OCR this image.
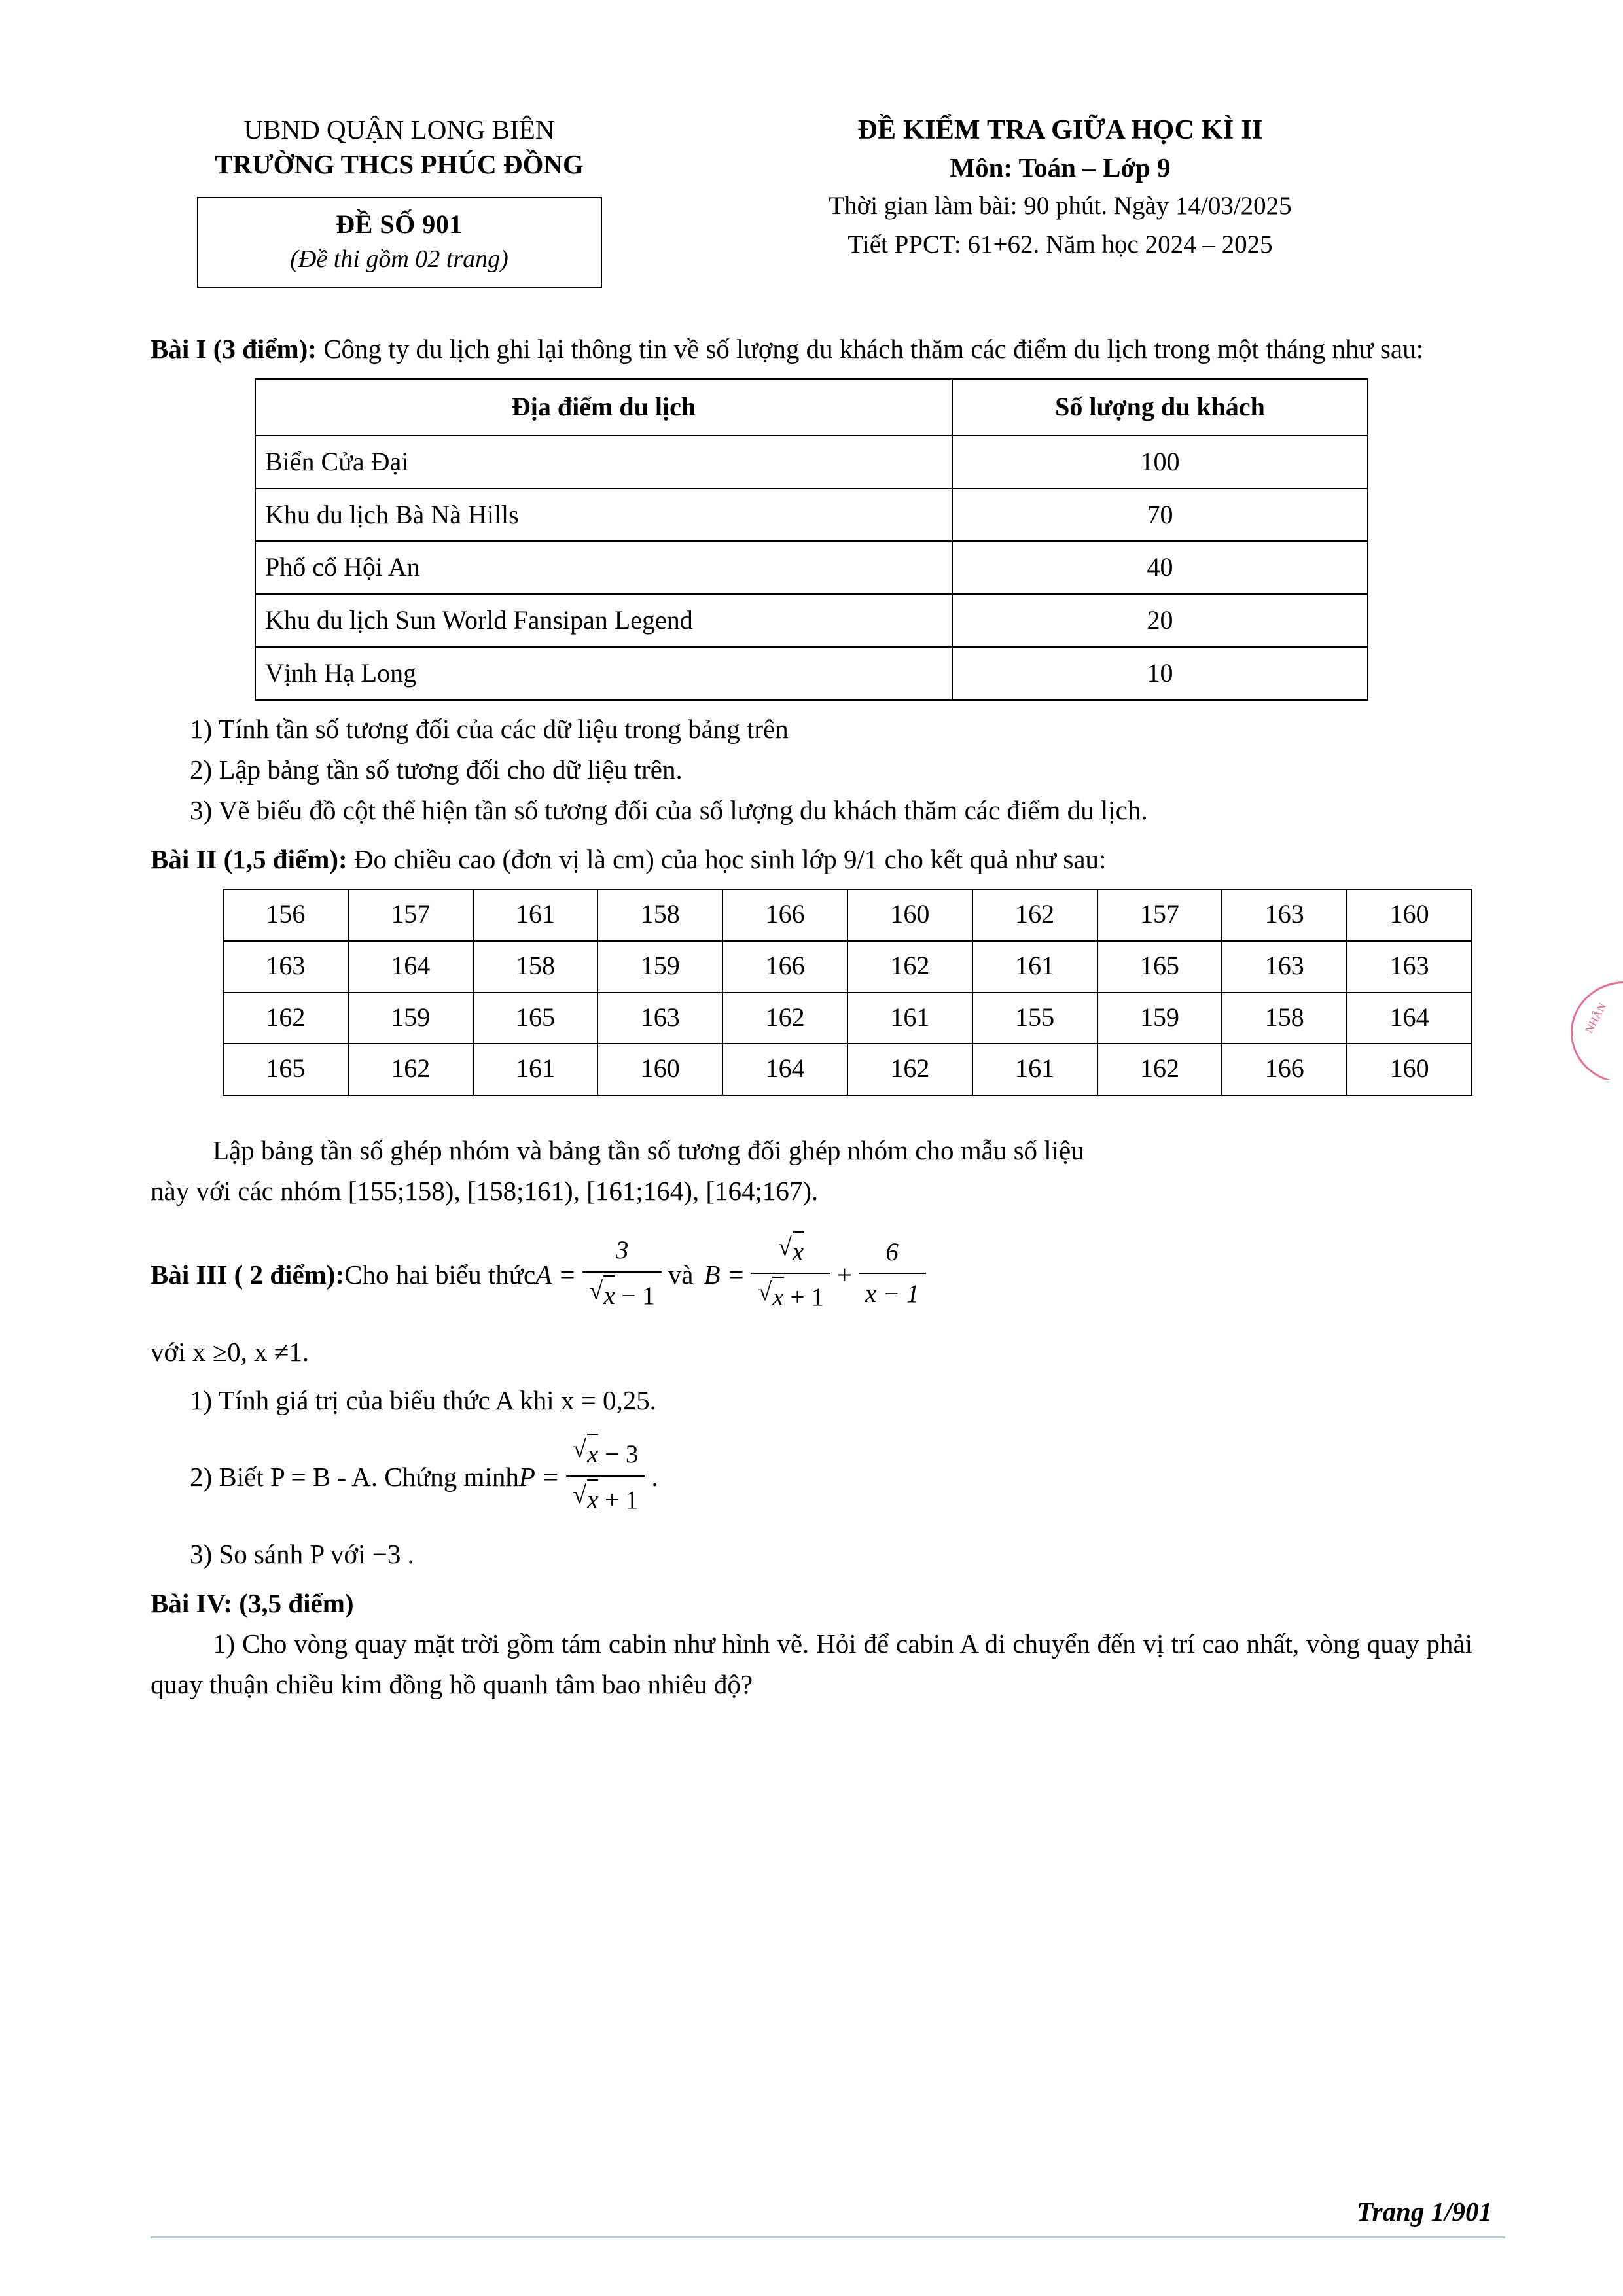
UBND QUẬN LONG BIÊN
TRƯỜNG THCS PHÚC ĐỒNG
ĐỀ SỐ 901
(Đề thi gồm 02 trang)
ĐỀ KIỂM TRA GIỮA HỌC KÌ II
Môn: Toán – Lớp 9
Thời gian làm bài: 90 phút. Ngày 14/03/2025
Tiết PPCT: 61+62. Năm học 2024 – 2025

Bài I (3 điểm): Công ty du lịch ghi lại thông tin về số lượng du khách thăm các điểm du lịch trong một tháng như sau:

Địa điểm du lịch	Số lượng du khách
Biển Cửa Đại	100
Khu du lịch Bà Nà Hills	70
Phố cổ Hội An	40
Khu du lịch Sun World Fansipan Legend	20
Vịnh Hạ Long	10

1) Tính tần số tương đối của các dữ liệu trong bảng trên

2) Lập bảng tần số tương đối cho dữ liệu trên.

3) Vẽ biểu đồ cột thể hiện tần số tương đối của số lượng du khách thăm các điểm du lịch.

Bài II (1,5 điểm): Đo chiều cao (đơn vị là cm) của học sinh lớp 9/1 cho kết quả như sau:

156	157	161	158	166	160	162	157	163	160
163	164	158	159	166	162	161	165	163	163
162	159	165	163	162	161	155	159	158	164
165	162	161	160	164	162	161	162	166	160

Lập bảng tần số ghép nhóm và bảng tần số tương đối ghép nhóm cho mẫu số liệu

này với các nhóm [155;158), [158;161), [161;164), [164;167).

Bài III ( 2 điểm): Cho hai biểu thức A = 3
√ x − 1 và B = √ x
√ $x + 1 + \frac{6}{x - 1}$

với x ≥0, x ≠1.

1) Tính giá trị của biểu thức A khi x = 0,25.

2) Biết P = B - A. Chứng minh P = √ x − 3
√ x + 1 .

3) So sánh P với −3 .

Bài IV: (3,5 điểm)

1) Cho vòng quay mặt trời gồm tám cabin như hình vẽ. Hỏi để cabin A di chuyển đến vị trí cao nhất, vòng quay phải quay thuận chiều kim đồng hồ quanh tâm bao nhiêu độ?

NHÂN
Trang 1/901
